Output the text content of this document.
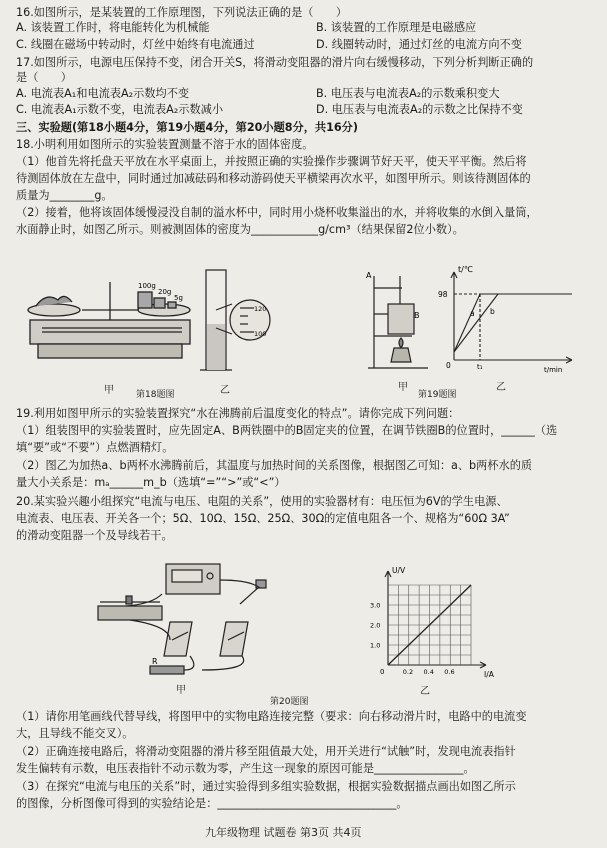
16.如图所示，是某装置的工作原理图，下列说法正确的是（　　）
A. 该装置工作时，将电能转化为机械能	B. 该装置的工作原理是电磁感应
C. 线圈在磁场中转动时，灯丝中始终有电流通过	D. 线圈转动时，通过灯丝的电流方向不变
17.如图所示，电源电压保持不变，闭合开关S，将滑动变阻器的滑片向右缓慢移动，下列分析判断正确的
是（　　）
A. 电流表A₁和电流表A₂示数均不变	B. 电压表与电流表A₂的示数乘积变大
C. 电流表A₁示数不变，电流表A₂示数减小	D. 电压表与电流表A₂的示数之比保持不变
三、实验题(第18小题4分，第19小题4分，第20小题8分，共16分)
18.小明利用如图所示的实验装置测量不溶于水的固体密度。
（1）他首先将托盘天平放在水平桌面上，并按照正确的实验操作步骤调节好天平，使天平平衡。然后将
待测固体放在左盘中，同时通过加减砝码和移动游码使天平横梁再次水平，如图甲所示。则该待测固体的
质量为________g。
（2）接着，他将该固体缓慢浸没自制的溢水杯中，同时用小烧杯收集溢出的水，并将收集的水倒入量筒，
水面静止时，如图乙所示。则被测固体的密度为____________g/cm³（结果保留2位小数）。
100g
20g
5g
甲 第18题图
120
100
乙
A
B
甲
第19题图
t/℃
t/min
98
0	t₁
a b
乙
19.利用如图甲所示的实验装置探究“水在沸腾前后温度变化的特点”。请你完成下列问题：
（1）组装图甲的实验装置时，应先固定A、B两铁圈中的B固定夹的位置，在调节铁圈B的位置时，______（选
填“要”或“不要”）点燃酒精灯。
（2）图乙为加热a、b两杯水沸腾前后，其温度与加热时间的关系图像，根据图乙可知：a、b两杯水的质
量大小关系是：mₐ______m_b（选填“=”“>”或“<”）
20.某实验兴趣小组探究“电流与电压、电阻的关系”，使用的实验器材有：电压恒为6V的学生电源、
电流表、电压表、开关各一个；5Ω、10Ω、15Ω、25Ω、30Ω的定值电阻各一个、规格为“60Ω 3A”
的滑动变阻器一个及导线若干。
R
甲
第20题图
U/V
I/A
0
1.0
2.0
3.0
0.2 0.4 0.6
乙
（1）请你用笔画线代替导线，将图甲中的实物电路连接完整（要求：向右移动滑片时，电路中的电流变
大，且导线不能交叉）。
（2）正确连接电路后，将滑动变阻器的滑片移至阻值最大处，用开关进行“试触”时，发现电流表指针
发生偏转有示数，电压表指针不动示数为零，产生这一现象的原因可能是________________。
（3）在探究“电流与电压的关系”时，通过实验得到多组实验数据，根据实验数据描点画出如图乙所示
的图像，分析图像可得到的实验结论是：________________________________。
九年级物理 试题卷 第3页 共4页
